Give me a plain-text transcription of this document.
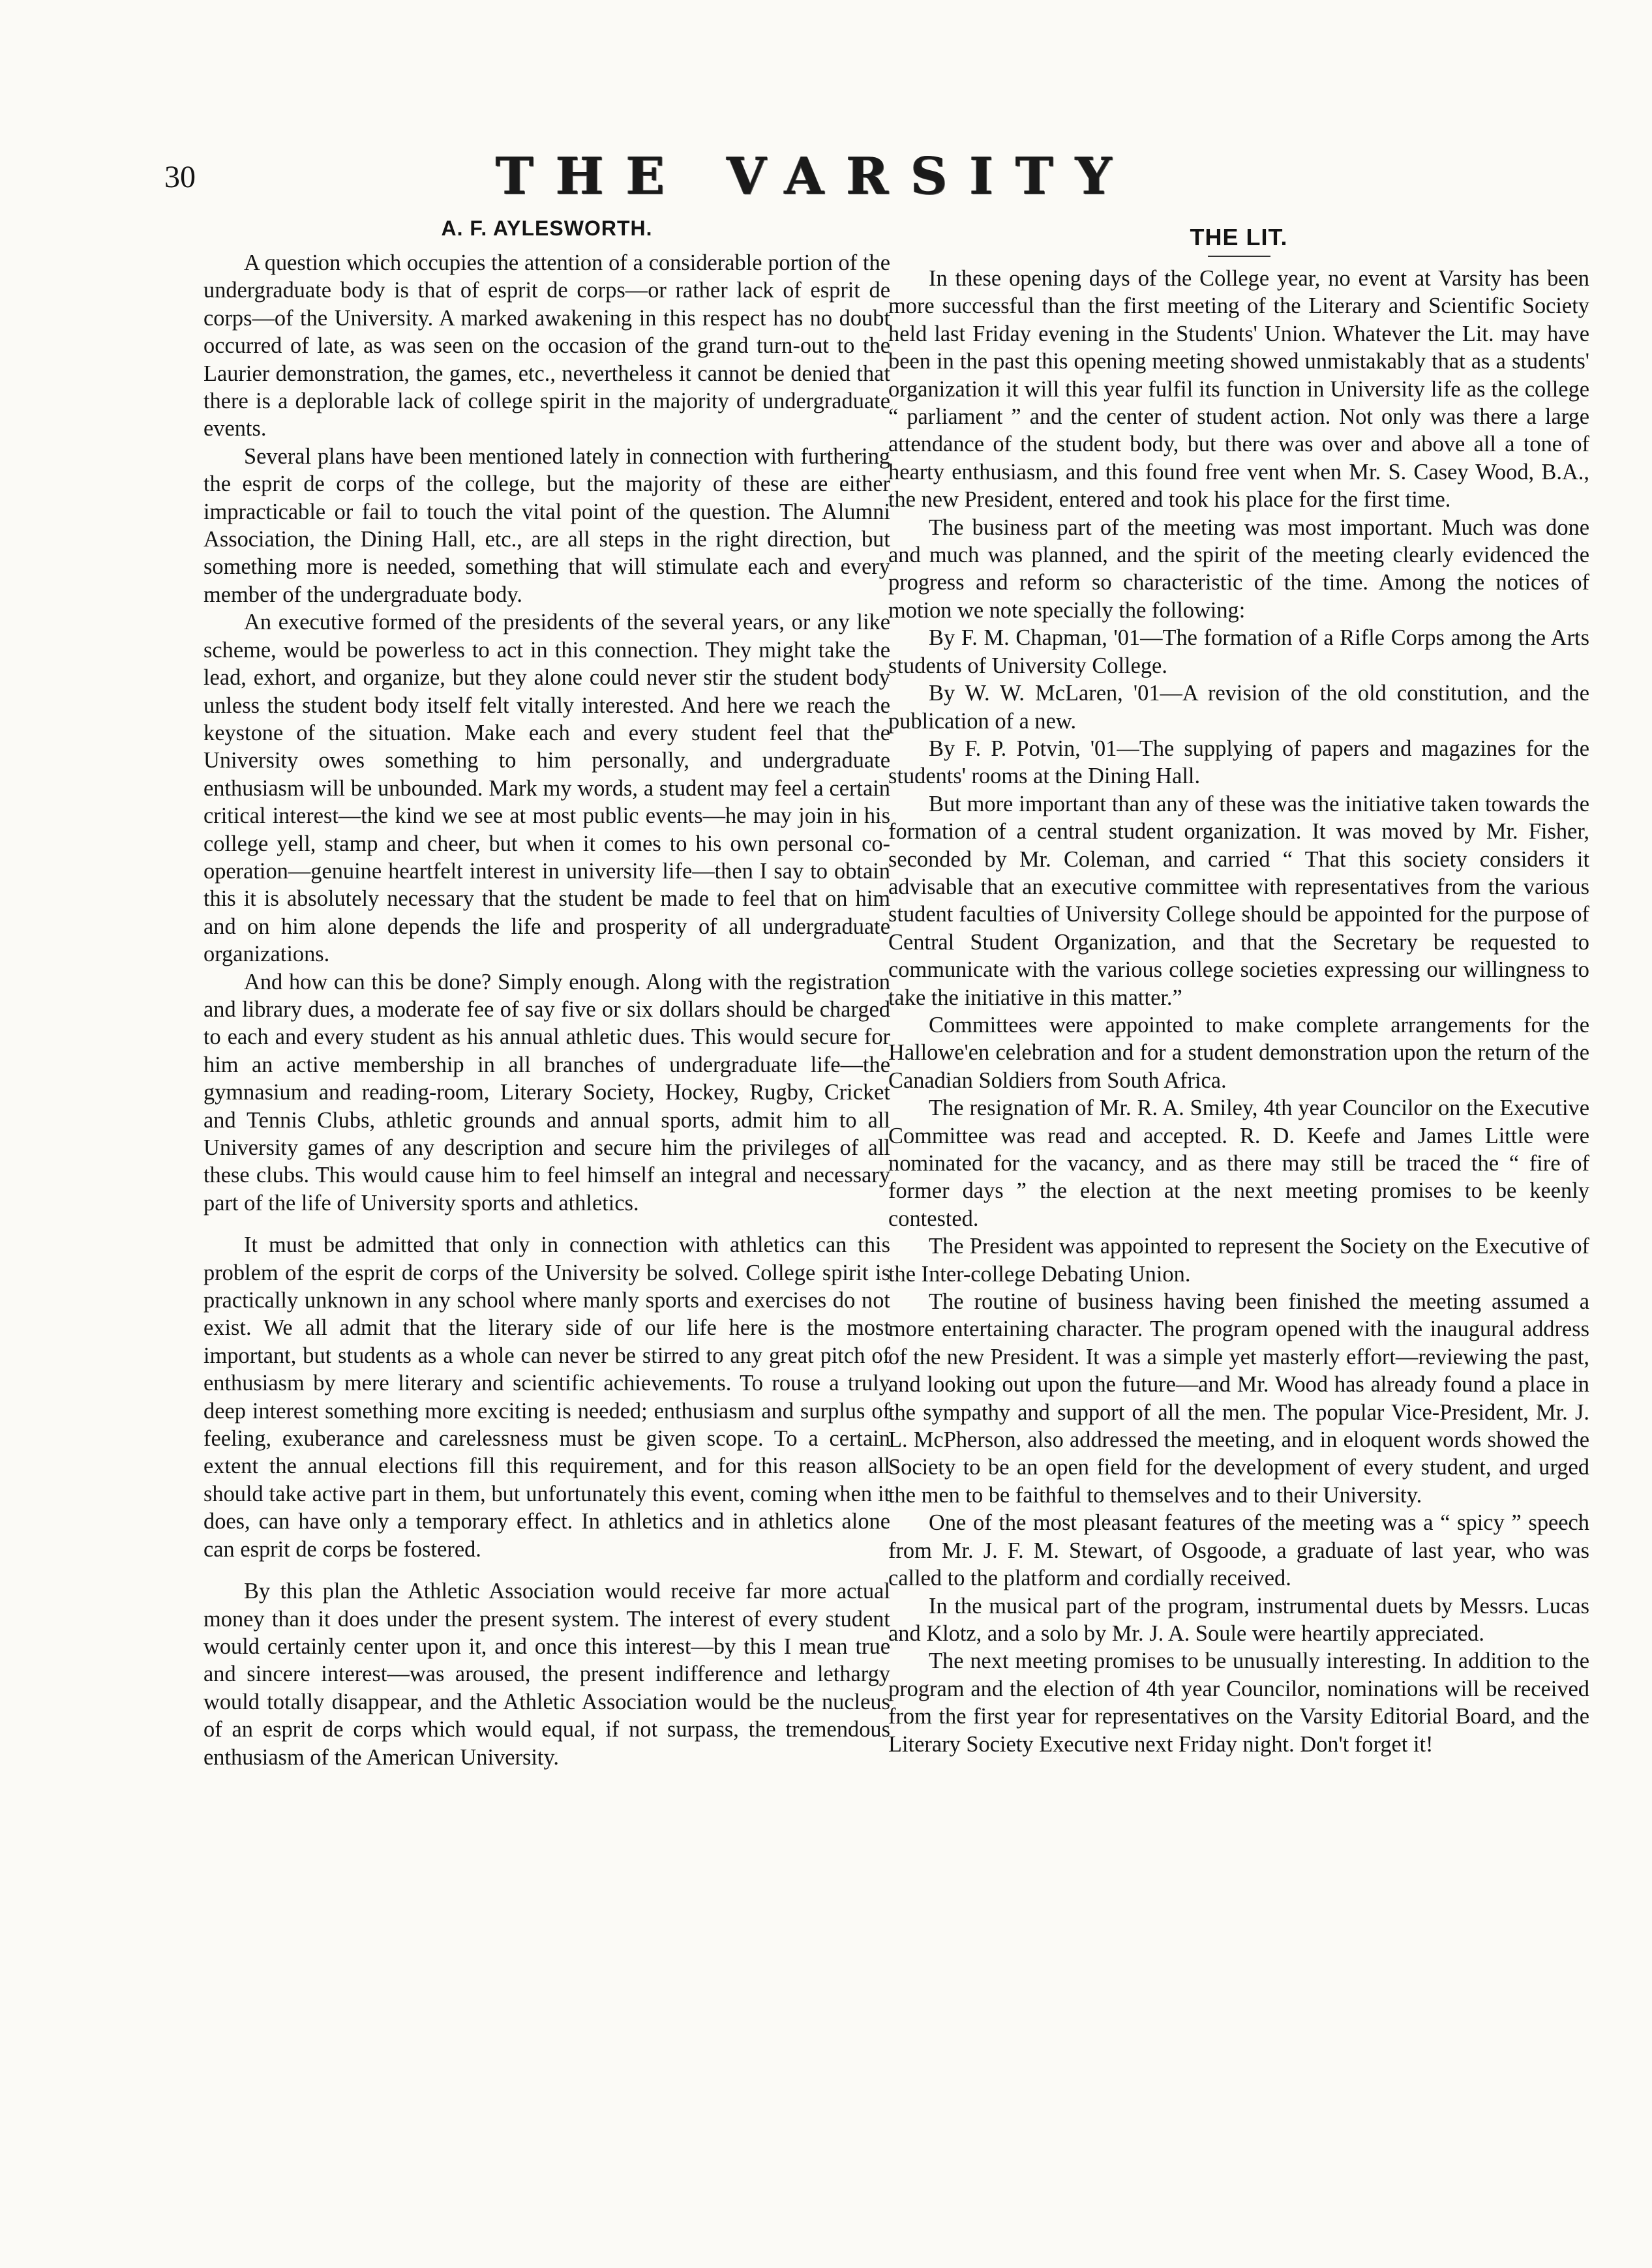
30	THE VARSITY
A. F. AYLESWORTH.

A question which occupies the attention of a considerable portion of the undergraduate body is that of esprit de corps—or rather lack of esprit de corps—of the University. A marked awakening in this respect has no doubt occurred of late, as was seen on the occasion of the grand turn-out to the Laurier demonstration, the games, etc., nevertheless it cannot be denied that there is a deplorable lack of college spirit in the majority of undergraduate events.

Several plans have been mentioned lately in connection with furthering the esprit de corps of the college, but the majority of these are either impracticable or fail to touch the vital point of the question. The Alumni Association, the Dining Hall, etc., are all steps in the right direction, but something more is needed, something that will stimulate each and every member of the undergraduate body.

An executive formed of the presidents of the several years, or any like scheme, would be powerless to act in this connection. They might take the lead, exhort, and organize, but they alone could never stir the student body unless the student body itself felt vitally interested. And here we reach the keystone of the situation. Make each and every student feel that the University owes something to him personally, and undergraduate enthusiasm will be unbounded. Mark my words, a student may feel a certain critical interest—the kind we see at most public events—he may join in his college yell, stamp and cheer, but when it comes to his own personal co-operation—genuine heartfelt interest in university life—then I say to obtain this it is absolutely necessary that the student be made to feel that on him and on him alone depends the life and prosperity of all undergraduate organizations.

And how can this be done? Simply enough. Along with the registration and library dues, a moderate fee of say five or six dollars should be charged to each and every student as his annual athletic dues. This would secure for him an active membership in all branches of undergraduate life—the gymnasium and reading-room, Literary Society, Hockey, Rugby, Cricket and Tennis Clubs, athletic grounds and annual sports, admit him to all University games of any description and secure him the privileges of all these clubs. This would cause him to feel himself an integral and necessary part of the life of University sports and athletics.

It must be admitted that only in connection with athletics can this problem of the esprit de corps of the University be solved. College spirit is practically unknown in any school where manly sports and exercises do not exist. We all admit that the literary side of our life here is the most important, but students as a whole can never be stirred to any great pitch of enthusiasm by mere literary and scientific achievements. To rouse a truly deep interest something more exciting is needed; enthusiasm and surplus of feeling, exuberance and carelessness must be given scope. To a certain extent the annual elections fill this requirement, and for this reason all should take active part in them, but unfortunately this event, coming when it does, can have only a temporary effect. In athletics and in athletics alone can esprit de corps be fostered.

By this plan the Athletic Association would receive far more actual money than it does under the present system. The interest of every student would certainly center upon it, and once this interest—by this I mean true and sincere interest—was aroused, the present indifference and lethargy would totally disappear, and the Athletic Association would be the nucleus of an esprit de corps which would equal, if not surpass, the tremendous enthusiasm of the American University.

THE LIT.

In these opening days of the College year, no event at Varsity has been more successful than the first meeting of the Literary and Scientific Society held last Friday evening in the Students' Union. Whatever the Lit. may have been in the past this opening meeting showed unmistakably that as a students' organization it will this year fulfil its function in University life as the college “ parliament ” and the center of student action. Not only was there a large attendance of the student body, but there was over and above all a tone of hearty enthusiasm, and this found free vent when Mr. S. Casey Wood, B.A., the new President, entered and took his place for the first time.

The business part of the meeting was most important. Much was done and much was planned, and the spirit of the meeting clearly evidenced the progress and reform so characteristic of the time. Among the notices of motion we note specially the following:

By F. M. Chapman, '01—The formation of a Rifle Corps among the Arts students of University College.

By W. W. McLaren, '01—A revision of the old constitution, and the publication of a new.

By F. P. Potvin, '01—The supplying of papers and magazines for the students' rooms at the Dining Hall.

But more important than any of these was the initiative taken towards the formation of a central student organization. It was moved by Mr. Fisher, seconded by Mr. Coleman, and carried “ That this society considers it advisable that an executive committee with representatives from the various student faculties of University College should be appointed for the purpose of Central Student Organization, and that the Secretary be requested to communicate with the various college societies expressing our willingness to take the initiative in this matter.”

Committees were appointed to make complete arrangements for the Hallowe'en celebration and for a student demonstration upon the return of the Canadian Soldiers from South Africa.

The resignation of Mr. R. A. Smiley, 4th year Councilor on the Executive Committee was read and accepted. R. D. Keefe and James Little were nominated for the vacancy, and as there may still be traced the “ fire of former days ” the election at the next meeting promises to be keenly contested.

The President was appointed to represent the Society on the Executive of the Inter-college Debating Union.

The routine of business having been finished the meeting assumed a more entertaining character. The program opened with the inaugural address of the new President. It was a simple yet masterly effort—reviewing the past, and looking out upon the future—and Mr. Wood has already found a place in the sympathy and support of all the men. The popular Vice-President, Mr. J. L. McPherson, also addressed the meeting, and in eloquent words showed the Society to be an open field for the development of every student, and urged the men to be faithful to themselves and to their University.

One of the most pleasant features of the meeting was a “ spicy ” speech from Mr. J. F. M. Stewart, of Osgoode, a graduate of last year, who was called to the platform and cordially received.

In the musical part of the program, instrumental duets by Messrs. Lucas and Klotz, and a solo by Mr. J. A. Soule were heartily appreciated.

The next meeting promises to be unusually interesting. In addition to the program and the election of 4th year Councilor, nominations will be received from the first year for representatives on the Varsity Editorial Board, and the Literary Society Executive next Friday night. Don't forget it!
